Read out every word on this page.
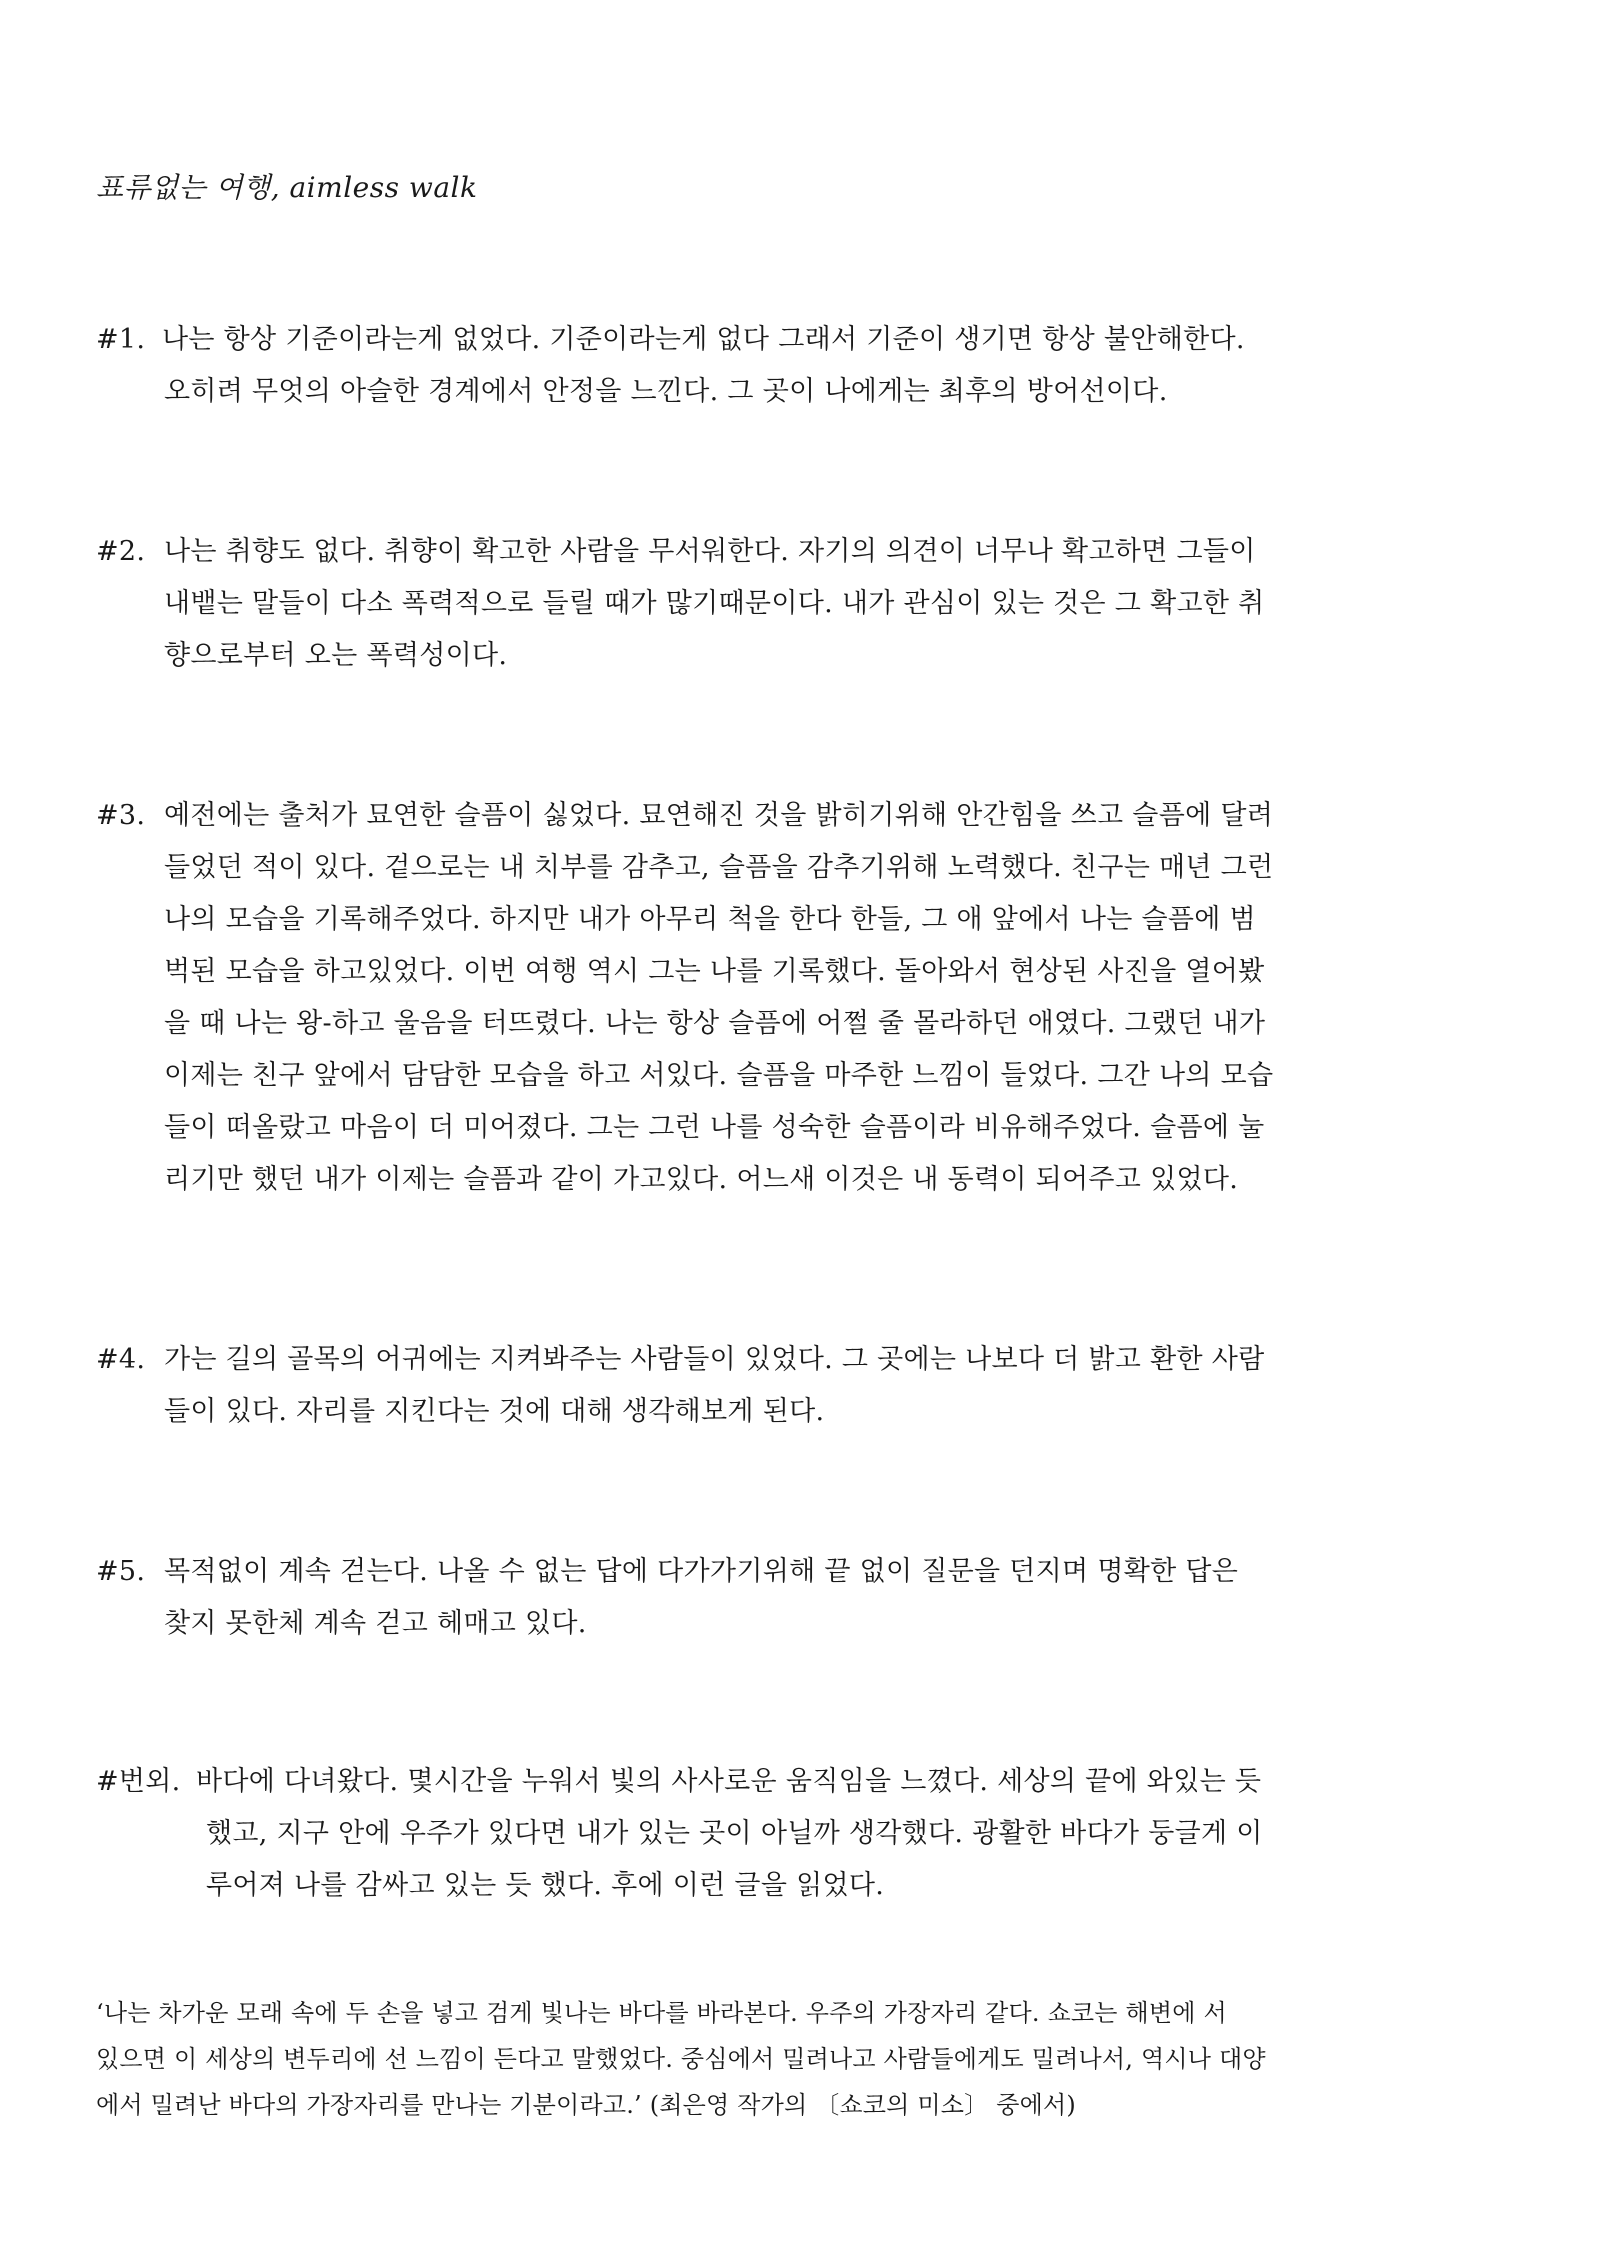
표류없는 여행, aimless walk
#1. 나는 항상 기준이라는게 없었다. 기준이라는게 없다 그래서 기준이 생기면 항상 불안해한다.
오히려 무엇의 아슬한 경계에서 안정을 느낀다. 그 곳이 나에게는 최후의 방어선이다.
#2. 나는 취향도 없다. 취향이 확고한 사람을 무서워한다. 자기의 의견이 너무나 확고하면 그들이
내뱉는 말들이 다소 폭력적으로 들릴 때가 많기때문이다. 내가 관심이 있는 것은 그 확고한 취
향으로부터 오는 폭력성이다.
#3. 예전에는 출처가 묘연한 슬픔이 싫었다. 묘연해진 것을 밝히기위해 안간힘을 쓰고 슬픔에 달려
들었던 적이 있다. 겉으로는 내 치부를 감추고, 슬픔을 감추기위해 노력했다. 친구는 매년 그런
나의 모습을 기록해주었다. 하지만 내가 아무리 척을 한다 한들, 그 애 앞에서 나는 슬픔에 범
벅된 모습을 하고있었다. 이번 여행 역시 그는 나를 기록했다. 돌아와서 현상된 사진을 열어봤
을 때 나는 왕-하고 울음을 터뜨렸다. 나는 항상 슬픔에 어쩔 줄 몰라하던 애였다. 그랬던 내가
이제는 친구 앞에서 담담한 모습을 하고 서있다. 슬픔을 마주한 느낌이 들었다. 그간 나의 모습
들이 떠올랐고 마음이 더 미어졌다. 그는 그런 나를 성숙한 슬픔이라 비유해주었다. 슬픔에 눌
리기만 했던 내가 이제는 슬픔과 같이 가고있다. 어느새 이것은 내 동력이 되어주고 있었다.
#4. 가는 길의 골목의 어귀에는 지켜봐주는 사람들이 있었다. 그 곳에는 나보다 더 밝고 환한 사람
들이 있다. 자리를 지킨다는 것에 대해 생각해보게 된다.
#5. 목적없이 계속 걷는다. 나올 수 없는 답에 다가가기위해 끝 없이 질문을 던지며 명확한 답은
찾지 못한체 계속 걷고 헤매고 있다.
#번외. 바다에 다녀왔다. 몇시간을 누워서 빛의 사사로운 움직임을 느꼈다. 세상의 끝에 와있는 듯
했고, 지구 안에 우주가 있다면 내가 있는 곳이 아닐까 생각했다. 광활한 바다가 둥글게 이
루어져 나를 감싸고 있는 듯 했다. 후에 이런 글을 읽었다.
‘나는 차가운 모래 속에 두 손을 넣고 검게 빛나는 바다를 바라본다. 우주의 가장자리 같다. 쇼코는 해변에 서
있으면 이 세상의 변두리에 선 느낌이 든다고 말했었다. 중심에서 밀려나고 사람들에게도 밀려나서, 역시나 대양
에서 밀려난 바다의 가장자리를 만나는 기분이라고.’ (최은영 작가의 〔쇼코의 미소〕 중에서)
